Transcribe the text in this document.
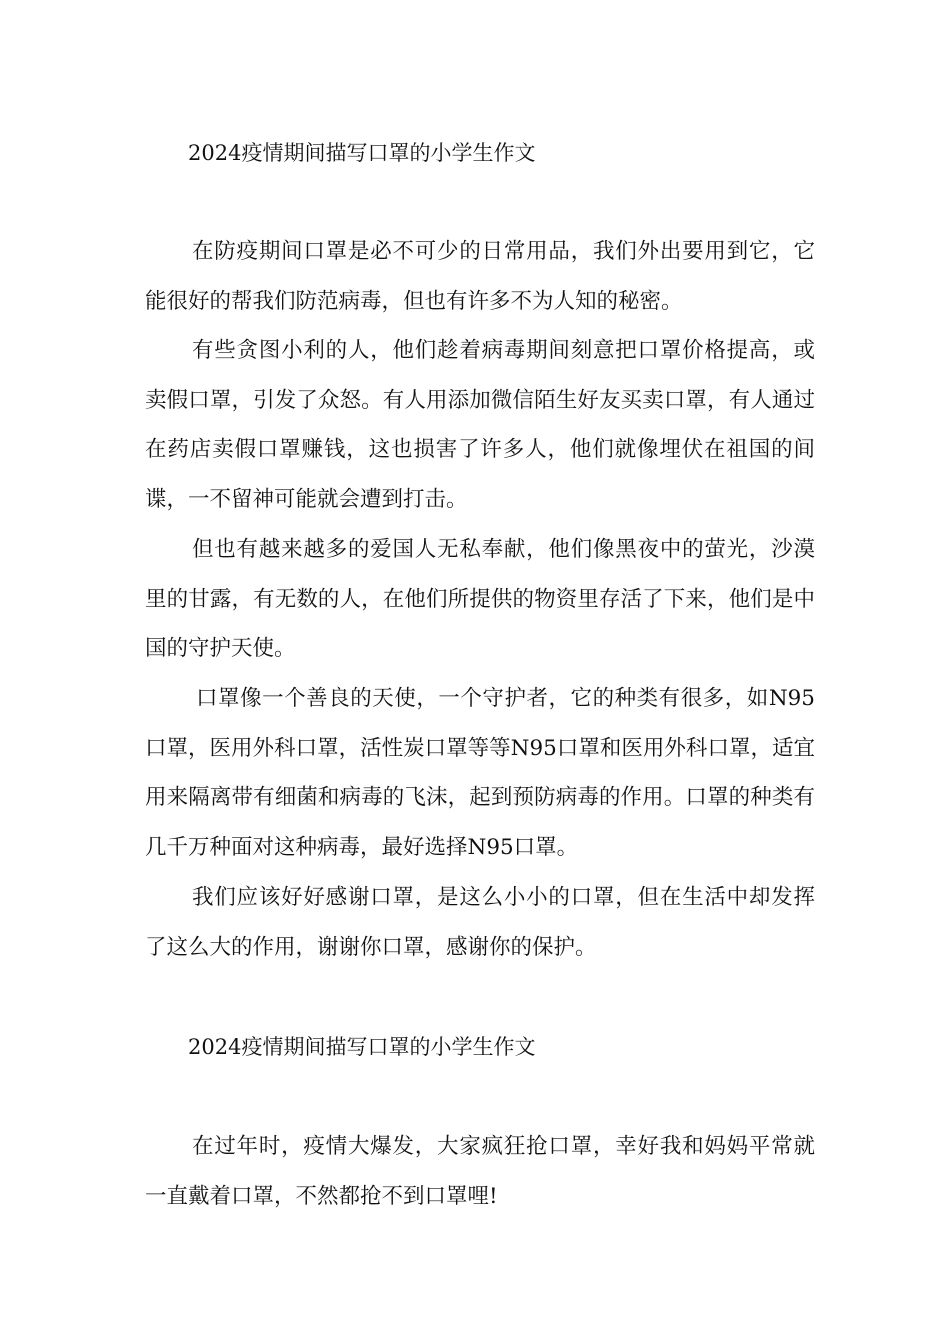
2024疫情期间描写口罩的小学生作文

在防疫期间口罩是必不可少的日常用品，我们外出要用到它，它能很好的帮我们防范病毒，但也有许多不为人知的秘密。

有些贪图小利的人，他们趁着病毒期间刻意把口罩价格提高，或卖假口罩，引发了众怒。有人用添加微信陌生好友买卖口罩，有人通过在药店卖假口罩赚钱，这也损害了许多人，他们就像埋伏在祖国的间谍，一不留神可能就会遭到打击。

但也有越来越多的爱国人无私奉献，他们像黑夜中的萤光，沙漠里的甘露，有无数的人，在他们所提供的物资里存活了下来，他们是中国的守护天使。

口罩像一个善良的天使，一个守护者，它的种类有很多，如N95口罩，医用外科口罩，活性炭口罩等等N95口罩和医用外科口罩，适宜用来隔离带有细菌和病毒的飞沫，起到预防病毒的作用。口罩的种类有几千万种面对这种病毒，最好选择N95口罩。

我们应该好好感谢口罩，是这么小小的口罩，但在生活中却发挥了这么大的作用，谢谢你口罩，感谢你的保护。

2024疫情期间描写口罩的小学生作文

在过年时，疫情大爆发，大家疯狂抢口罩，幸好我和妈妈平常就一直戴着口罩，不然都抢不到口罩哩!
